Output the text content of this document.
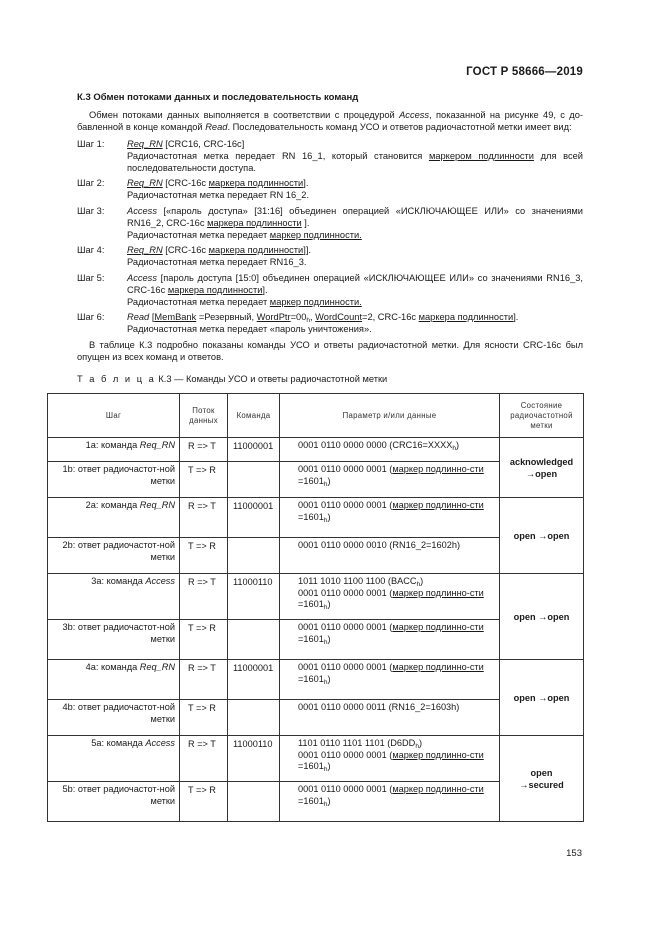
ГОСТ Р 58666—2019
К.3 Обмен потоками данных и последовательность команд

Обмен потоками данных выполняется в соответствии с процедурой Access, показанной на рисунке 49, с до-бавленной в конце командой Read. Последовательность команд УСО и ответов радиочастотной метки имеет вид:

Шаг 1:	Req_RN [CRC16, CRC-16c]
Радиочастотная метка передает RN 16_1, который становится маркером подлинности для всей последовательности доступа.
Шаг 2:	Req_RN [CRC-16c маркера подлинности].
Радиочастотная метка передает RN 16_2.
Шаг 3:	Access [«пароль доступа» [31:16] объединен операцией «ИСКЛЮЧАЮЩЕЕ ИЛИ» со значениями RN16_2, CRC-16c маркера подлинности ].
Радиочастотная метка передает маркер подлинности.
Шаг 4:	Req_RN [CRC-16c маркера подлинности]].
Радиочастотная метка передает RN16_3.
Шаг 5:	Access [пароль доступа [15:0] объединен операцией «ИСКЛЮЧАЮЩЕЕ ИЛИ» со значениями RN16_3, CRC-16c маркера подлинности].
Радиочастотная метка передает маркер подлинности.
Шаг 6:	Read [MemBank =Резервный, $WordPtr=00_h$, WordCount=2, CRC-16c маркера подлинности].
Радиочастотная метка передает «пароль уничтожения».

В таблице К.3 подробно показаны команды УСО и ответы радиочастотной метки. Для ясности CRC-16c был опущен из всех команд и ответов.

Т а б л и ц а К.3 — Команды УСО и ответы радиочастотной метки
Шаг	Поток данных	Команда	Параметр и/или данные	Состояние радиочастотной метки
1а: команда Req_RN	R => T	11000001	0001 0110 0000 0000 $(CRC16=XXXX_h)$	acknowledged
→open
1b: ответ радиочастот-ной метки	T => R		0001 0110 0000 0001 (маркер подлинно-сти $=1601_h$)	
2а: команда Req_RN	R => T	11000001	0001 0110 0000 0001 (маркер подлинно-сти $=1601_h$)	open →open
2b: ответ радиочастот-ной метки	T => R		0001 0110 0000 0010 (RN16_2=1602h)	
3а: команда Access	R => T	11000110	1011 1010 1100 1100 $(BACC_h)$
0001 0110 0000 0001 (маркер подлинно-сти $=1601_h$)	open →open
3b: ответ радиочастот-ной метки	T => R		0001 0110 0000 0001 (маркер подлинно-сти $=1601_h$)	
4а: команда Req_RN	R => T	11000001	0001 0110 0000 0001 (маркер подлинно-сти $=1601_h$)	open →open
4b: ответ радиочастот-ной метки	T => R		0001 0110 0000 0011 (RN16_2=1603h)	
5а: команда Access	R => T	11000110	1101 0110 1101 1101 $(D6DD_h)$
0001 0110 0000 0001 (маркер подлинно-сти $=1601_h$)	open
→secured
5b: ответ радиочастот-ной метки	T => R		0001 0110 0000 0001 (маркер подлинно-сти $=1601_h$)	
153
